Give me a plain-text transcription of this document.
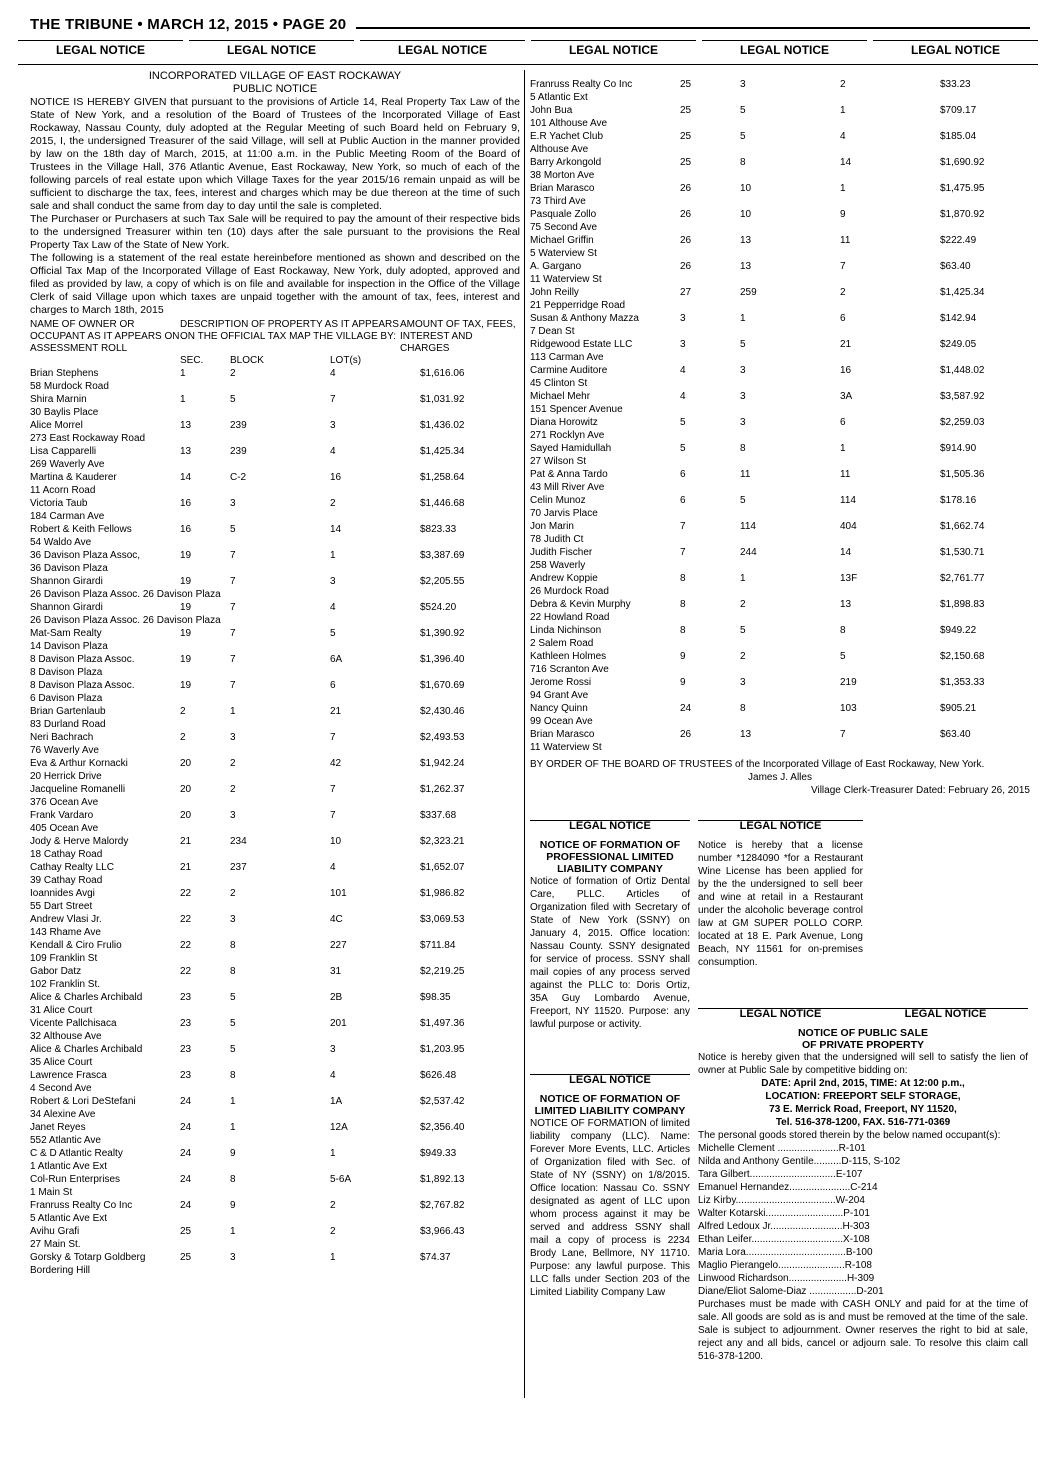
THE TRIBUNE • MARCH 12, 2015 • PAGE 20
LEGAL NOTICE	LEGAL NOTICE	LEGAL NOTICE	LEGAL NOTICE	LEGAL NOTICE	LEGAL NOTICE
INCORPORATED VILLAGE OF EAST ROCKAWAY
PUBLIC NOTICE

NOTICE IS HEREBY GIVEN that pursuant to the provisions of Article 14, Real Property Tax Law of the State of New York, and a resolution of the Board of Trustees of the Incorporated Village of East Rockaway, Nassau County, duly adopted at the Regular Meeting of such Board held on February 9, 2015, I, the undersigned Treasurer of the said Village, will sell at Public Auction in the manner provided by law on the 18th day of March, 2015, at 11:00 a.m. in the Public Meeting Room of the Board of Trustees in the Village Hall, 376 Atlantic Avenue, East Rockaway, New York, so much of each of the following parcels of real estate upon which Village Taxes for the year 2015/16 remain unpaid as will be sufficient to discharge the tax, fees, interest and charges which may be due thereon at the time of such sale and shall conduct the same from day to day until the sale is completed.

The Purchaser or Purchasers at such Tax Sale will be required to pay the amount of their respective bids to the undersigned Treasurer within ten (10) days after the sale pursuant to the provisions the Real Property Tax Law of the State of New York.

The following is a statement of the real estate hereinbefore mentioned as shown and described on the Official Tax Map of the Incorporated Village of East Rockaway, New York, duly adopted, approved and filed as provided by law, a copy of which is on file and available for inspection in the Office of the Village Clerk of said Village upon which taxes are unpaid together with the amount of tax, fees, interest and charges to March 18th, 2015

NAME OF OWNER OR OCCUPANT AS IT APPEARS ON ASSESSMENT ROLL
DESCRIPTION OF PROPERTY AS IT APPEARS ON THE OFFICIAL TAX MAP THE VILLAGE BY:
AMOUNT OF TAX, FEES, INTEREST AND CHARGES
SEC.	BLOCK	LOT(s)
Brian Stephens	1	2	4	$1,616.06
58 Murdock Road
Shira Marnin	1	5	7	$1,031.92
30 Baylis Place
Alice Morrel	13	239	3	$1,436.02
273 East Rockaway Road
Lisa Capparelli	13	239	4	$1,425.34
269 Waverly Ave
Martina & Kauderer	14	C-2	16	$1,258.64
11 Acorn Road
Victoria Taub	16	3	2	$1,446.68
184 Carman Ave
Robert & Keith Fellows	16	5	14	$823.33
54 Waldo Ave
36 Davison Plaza Assoc,	19	7	1	$3,387.69
36 Davison Plaza
Shannon Girardi	19	7	3	$2,205.55
26 Davison Plaza Assoc. 26 Davison Plaza
Shannon Girardi	19	7	4	$524.20
26 Davison Plaza Assoc. 26 Davison Plaza
Mat-Sam Realty	19	7	5	$1,390.92
14 Davison Plaza
8 Davison Plaza Assoc.	19	7	6A	$1,396.40
8 Davison Plaza
8 Davison Plaza Assoc.	19	7	6	$1,670.69
6 Davison Plaza
Brian Gartenlaub	2	1	21	$2,430.46
83 Durland Road
Neri Bachrach	2	3	7	$2,493.53
76 Waverly Ave
Eva & Arthur Kornacki	20	2	42	$1,942.24
20 Herrick Drive
Jacqueline Romanelli	20	2	7	$1,262.37
376 Ocean Ave
Frank Vardaro	20	3	7	$337.68
405 Ocean Ave
Jody & Herve Malordy	21	234	10	$2,323.21
18 Cathay Road
Cathay Realty LLC	21	237	4	$1,652.07
39 Cathay Road
Ioannides Avgi	22	2	101	$1,986.82
55 Dart Street
Andrew Vlasi Jr.	22	3	4C	$3,069.53
143 Rhame Ave
Kendall & Ciro Frulio	22	8	227	$711.84
109 Franklin St
Gabor Datz	22	8	31	$2,219.25
102 Franklin St.
Alice & Charles Archibald	23	5	2B	$98.35
31 Alice Court
Vicente Pallchisaca	23	5	201	$1,497.36
32 Althouse Ave
Alice & Charles Archibald	23	5	3	$1,203.95
35 Alice Court
Lawrence Frasca	23	8	4	$626.48
4 Second Ave
Robert & Lori DeStefani	24	1	1A	$2,537.42
34 Alexine Ave
Janet Reyes	24	1	12A	$2,356.40
552 Atlantic Ave
C & D Atlantic Realty	24	9	1	$949.33
1 Atlantic Ave Ext
Col-Run Enterprises	24	8	5-6A	$1,892.13
1 Main St
Franruss Realty Co Inc	24	9	2	$2,767.82
5 Atlantic Ave Ext
Avihu Grafi	25	1	2	$3,966.43
27 Main St.
Gorsky & Totarp Goldberg	25	3	1	$74.37
Bordering Hill
Franruss Realty Co Inc	25	3	2	$33.23
5 Atlantic Ext
John Bua	25	5	1	$709.17
101 Althouse Ave
E.R Yachet Club	25	5	4	$185.04
Althouse Ave
Barry Arkongold	25	8	14	$1,690.92
38 Morton Ave
Brian Marasco	26	10	1	$1,475.95
73 Third Ave
Pasquale Zollo	26	10	9	$1,870.92
75 Second Ave
Michael Griffin	26	13	11	$222.49
5 Waterview St
A. Gargano	26	13	7	$63.40
11 Waterview St
John Reilly	27	259	2	$1,425.34
21 Pepperridge Road
Susan & Anthony Mazza	3	1	6	$142.94
7 Dean St
Ridgewood Estate LLC	3	5	21	$249.05
113 Carman Ave
Carmine Auditore	4	3	16	$1,448.02
45 Clinton St
Michael Mehr	4	3	3A	$3,587.92
151 Spencer Avenue
Diana Horowitz	5	3	6	$2,259.03
271 Rocklyn Ave
Sayed Hamidullah	5	8	1	$914.90
27 Wilson St
Pat & Anna Tardo	6	11	11	$1,505.36
43 Mill River Ave
Celin Munoz	6	5	114	$178.16
70 Jarvis Place
Jon Marin	7	114	404	$1,662.74
78 Judith Ct
Judith Fischer	7	244	14	$1,530.71
258 Waverly
Andrew Koppie	8	1	13F	$2,761.77
26 Murdock Road
Debra & Kevin Murphy	8	2	13	$1,898.83
22 Howland Road
Linda Nichinson	8	5	8	$949.22
2 Salem Road
Kathleen Holmes	9	2	5	$2,150.68
716 Scranton Ave
Jerome Rossi	9	3	219	$1,353.33
94 Grant Ave
Nancy Quinn	24	8	103	$905.21
99 Ocean Ave
Brian Marasco	26	13	7	$63.40
11 Waterview St
BY ORDER OF THE BOARD OF TRUSTEES of the Incorporated Village of East Rockaway, New York.
James J. Alles
Village Clerk-Treasurer Dated: February 26, 2015
LEGAL NOTICE
NOTICE OF FORMATION OF PROFESSIONAL LIMITED LIABILITY COMPANY
Notice of formation of Ortiz Dental Care, PLLC. Articles of Organization filed with Secretary of State of New York (SSNY) on January 4, 2015. Office location: Nassau County. SSNY designated for service of process. SSNY shall mail copies of any process served against the PLLC to: Doris Ortiz, 35A Guy Lombardo Avenue, Freeport, NY 11520. Purpose: any lawful purpose or activity.
LEGAL NOTICE
Notice is hereby that a license number *1284090 *for a Restaurant Wine License has been applied for by the the undersigned to sell beer and wine at retail in a Restaurant under the alcoholic beverage control law at GM SUPER POLLO CORP. located at 18 E. Park Avenue, Long Beach, NY 11561 for on-premises consumption.
LEGAL NOTICE
NOTICE OF FORMATION OF LIMITED LIABILITY COMPANY
NOTICE OF FORMATION of limited liability company (LLC). Name: Forever More Events, LLC. Articles of Organization filed with Sec. of State of NY (SSNY) on 1/8/2015. Office location: Nassau Co. SSNY designated as agent of LLC upon whom process against it may be served and address SSNY shall mail a copy of process is 2234 Brody Lane, Bellmore, NY 11710. Purpose: any lawful purpose. This LLC falls under Section 203 of the Limited Liability Company Law
LEGAL NOTICE	LEGAL NOTICE
NOTICE OF PUBLIC SALE
OF PRIVATE PROPERTY
Notice is hereby given that the undersigned will sell to satisfy the lien of owner at Public Sale by competitive bidding on:
DATE: April 2nd, 2015, TIME: At 12:00 p.m.,
LOCATION: FREEPORT SELF STORAGE,
73 E. Merrick Road, Freeport, NY 11520,
Tel. 516-378-1200, FAX. 516-771-0369
The personal goods stored therein by the below named occupant(s):
Michelle Clement ......................R-101
Nilda and Anthony Gentile..........D-115, S-102
Tara Gilbert...............................E-107
Emanuel Hernandez......................C-214
Liz Kirby....................................W-204
Walter Kotarski............................P-101
Alfred Ledoux Jr..........................H-303
Ethan Leifer.................................X-108
Maria Lora....................................B-100
Maglio Pierangelo........................R-108
Linwood Richardson.....................H-309
Diane/Eliot Salome-Diaz .................D-201
Purchases must be made with CASH ONLY and paid for at the time of sale. All goods are sold as is and must be removed at the time of the sale. Sale is subject to adjournment. Owner reserves the right to bid at sale, reject any and all bids, cancel or adjourn sale. To resolve this claim call 516-378-1200.
